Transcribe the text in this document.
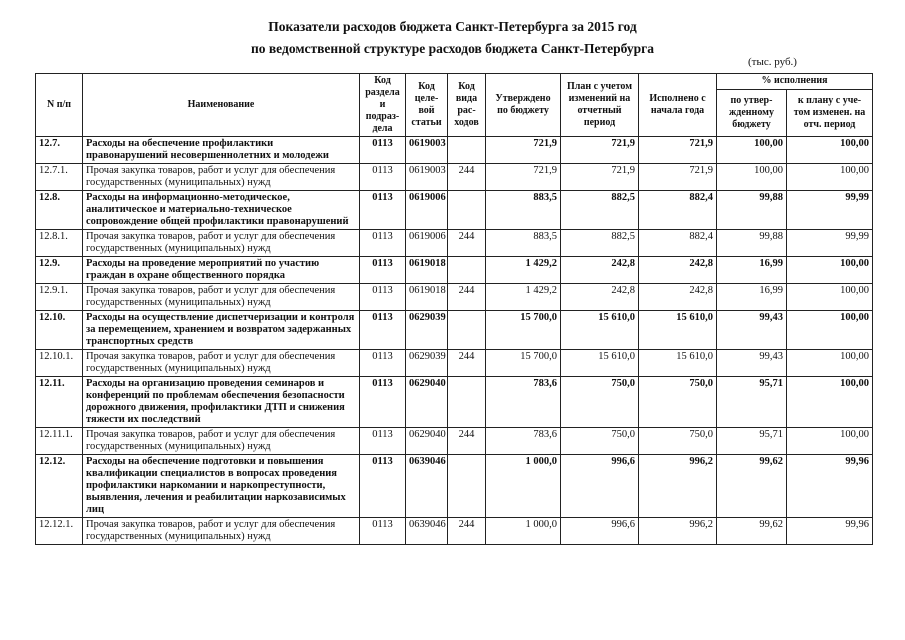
Показатели расходов бюджета Санкт-Петербурга за 2015 год
по ведомственной структуре расходов бюджета Санкт-Петербурга
(тыс. руб.)
N п/п	Наименование	Код раздела и подраз-дела	Код целе-вой статьи	Код вида рас-ходов	Утверждено по бюджету	План с учетом изменений на отчетный период	Исполнено с начала года	% исполнения	
								по утвер-жденному бюджету	к плану с уче-том изменен. на отч. период
12.7.	Расходы на обеспечение профилактики правонарушений несовершеннолетних и молодежи	0113	0619003		721,9	721,9	721,9	100,00	100,00
12.7.1.	Прочая закупка товаров, работ и услуг для обеспечения государственных (муниципальных) нужд	0113	0619003	244	721,9	721,9	721,9	100,00	100,00
12.8.	Расходы на информационно-методическое, аналитическое и материально-техническое сопровождение общей профилактики правонарушений	0113	0619006		883,5	882,5	882,4	99,88	99,99
12.8.1.	Прочая закупка товаров, работ и услуг для обеспечения государственных (муниципальных) нужд	0113	0619006	244	883,5	882,5	882,4	99,88	99,99
12.9.	Расходы на проведение мероприятий по участию граждан в охране общественного порядка	0113	0619018		1 429,2	242,8	242,8	16,99	100,00
12.9.1.	Прочая закупка товаров, работ и услуг для обеспечения государственных (муниципальных) нужд	0113	0619018	244	1 429,2	242,8	242,8	16,99	100,00
12.10.	Расходы на осуществление диспетчеризации и контроля за перемещением, хранением и возвратом задержанных транспортных средств	0113	0629039		15 700,0	15 610,0	15 610,0	99,43	100,00
12.10.1.	Прочая закупка товаров, работ и услуг для обеспечения государственных (муниципальных) нужд	0113	0629039	244	15 700,0	15 610,0	15 610,0	99,43	100,00
12.11.	Расходы на организацию проведения семинаров и конференций по проблемам обеспечения безопасности дорожного движения, профилактики ДТП и снижения тяжести их последствий	0113	0629040		783,6	750,0	750,0	95,71	100,00
12.11.1.	Прочая закупка товаров, работ и услуг для обеспечения государственных (муниципальных) нужд	0113	0629040	244	783,6	750,0	750,0	95,71	100,00
12.12.	Расходы на обеспечение подготовки и повышения квалификации специалистов в вопросах проведения профилактики наркомании и наркопреступности, выявления, лечения и реабилитации наркозависимых лиц	0113	0639046		1 000,0	996,6	996,2	99,62	99,96
12.12.1.	Прочая закупка товаров, работ и услуг для обеспечения государственных (муниципальных) нужд	0113	0639046	244	1 000,0	996,6	996,2	99,62	99,96
